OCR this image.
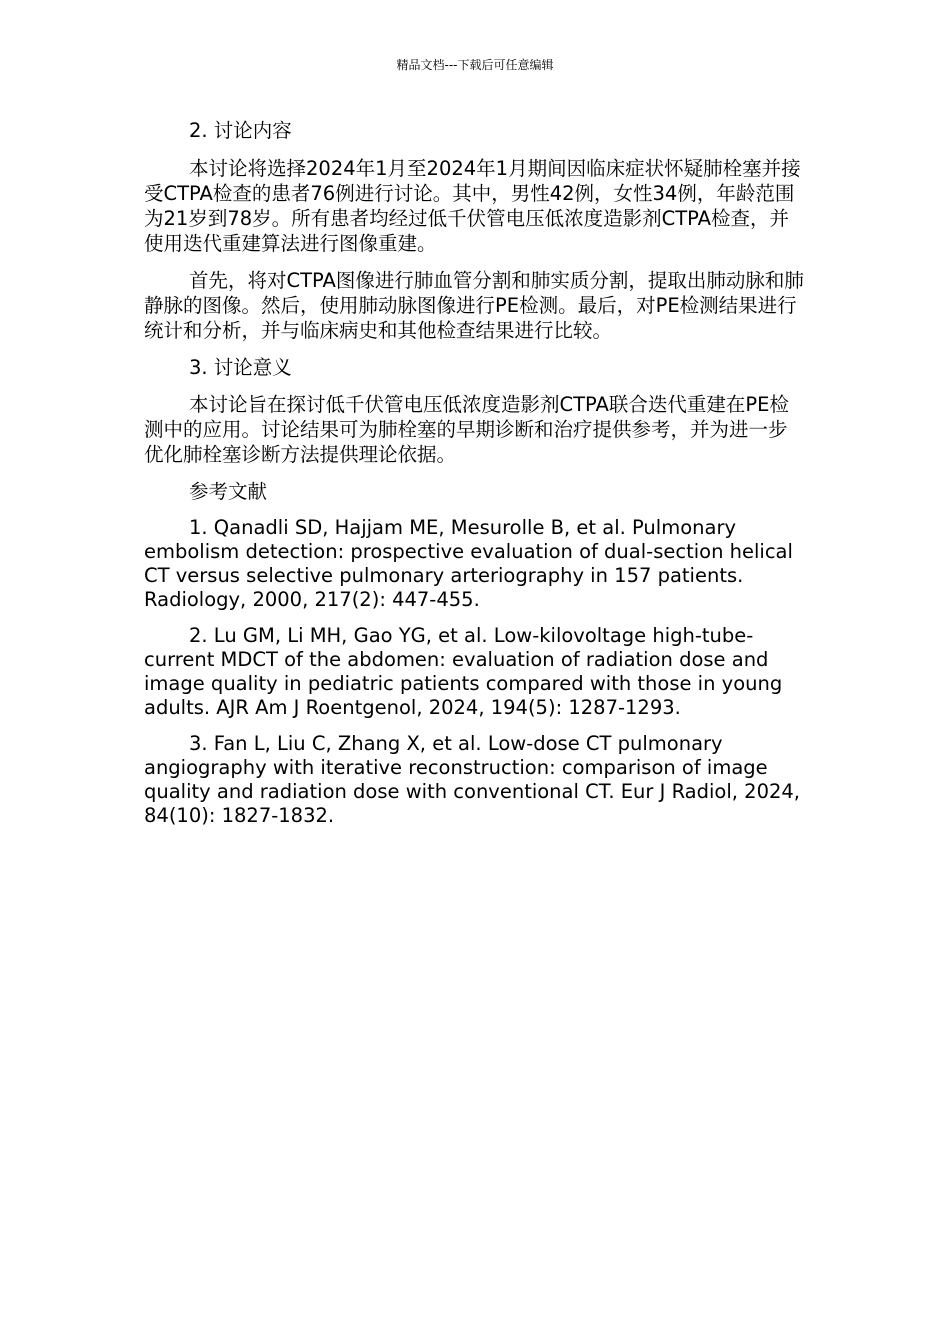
精品文档---下载后可任意编辑

2. 讨论内容

本讨论将选择2024年1月至2024年1月期间因临床症状怀疑肺栓塞并接受CTPA检查的患者76例进行讨论。其中，男性42例，女性34例，年龄范围为21岁到78岁。所有患者均经过低千伏管电压低浓度造影剂CTPA检查，并使用迭代重建算法进行图像重建。

首先，将对CTPA图像进行肺血管分割和肺实质分割，提取出肺动脉和肺静脉的图像。然后，使用肺动脉图像进行PE检测。最后，对PE检测结果进行统计和分析，并与临床病史和其他检查结果进行比较。

3. 讨论意义

本讨论旨在探讨低千伏管电压低浓度造影剂CTPA联合迭代重建在PE检测中的应用。讨论结果可为肺栓塞的早期诊断和治疗提供参考，并为进一步优化肺栓塞诊断方法提供理论依据。

参考文献

1. Qanadli SD, Hajjam ME, Mesurolle B, et al. Pulmonary embolism detection: prospective evaluation of dual-section helical CT versus selective pulmonary arteriography in 157 patients. Radiology, 2000, 217(2): 447-455.

2. Lu GM, Li MH, Gao YG, et al. Low-kilovoltage high-tube-current MDCT of the abdomen: evaluation of radiation dose and image quality in pediatric patients compared with those in young adults. AJR Am J Roentgenol, 2024, 194(5): 1287-1293.

3. Fan L, Liu C, Zhang X, et al. Low-dose CT pulmonary angiography with iterative reconstruction: comparison of image quality and radiation dose with conventional CT. Eur J Radiol, 2024, 84(10): 1827-1832.
